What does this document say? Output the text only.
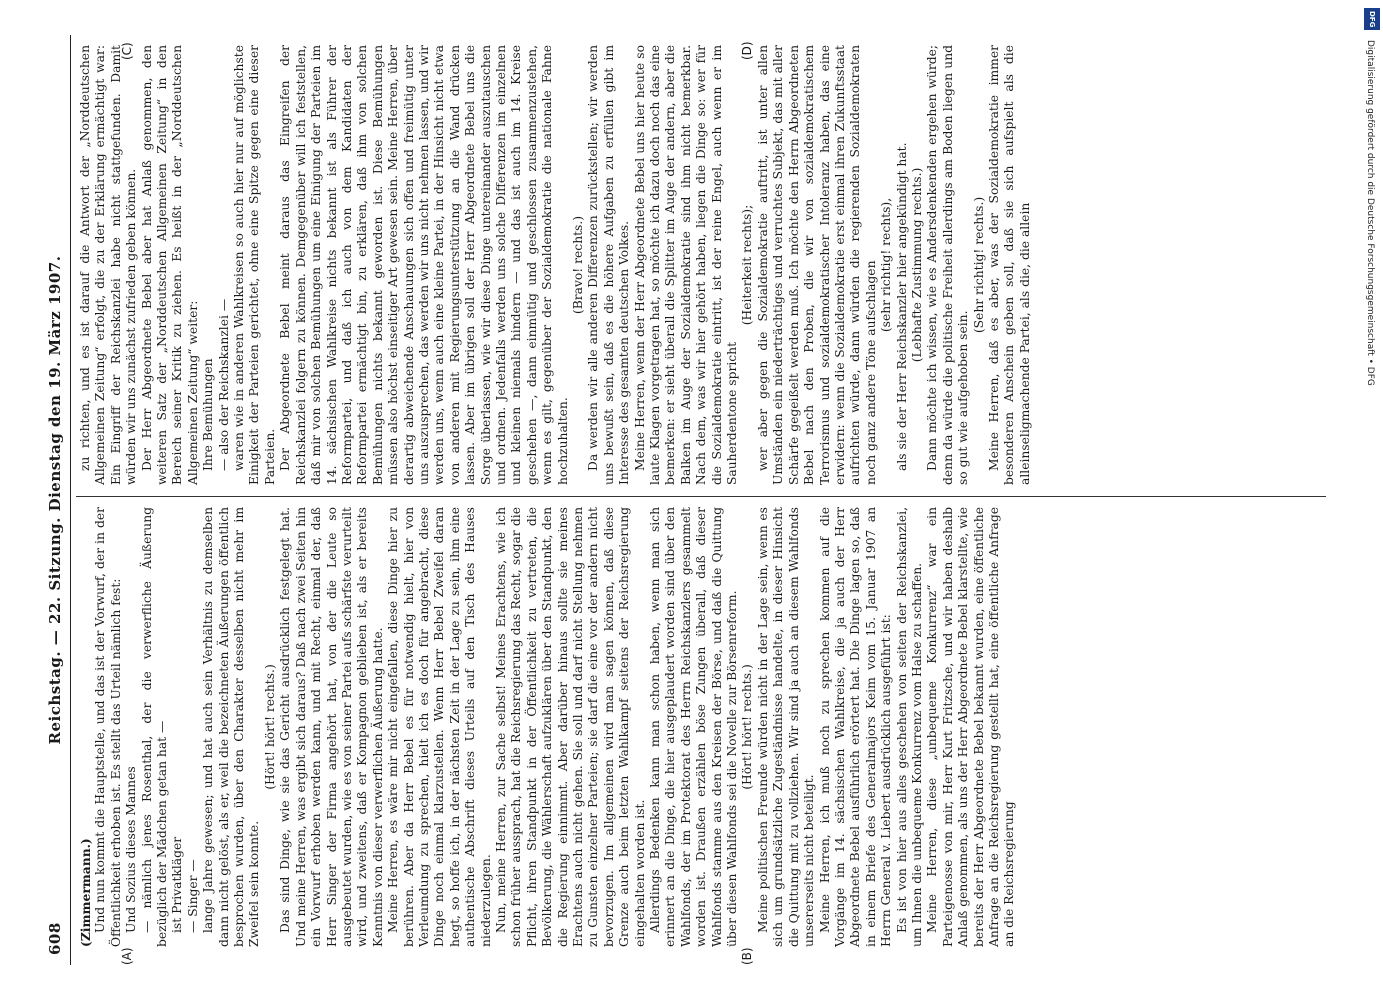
608
Reichstag. — 22. Sitzung. Dienstag den 19. März 1907.
(A)	(B)
(C)	(D)

(Zimmermann.) Und nun kommt die Hauptstelle, und das ist der Vorwurf, der in der Öffentlichkeit erhoben ist. Es stellt das Urteil nämlich fest: Und Sozius dieses Mannes — nämlich jenes Rosenthal, der die verwerfliche Äußerung bezüglich der Mädchen getan hat — ist Privatkläger — Singer — lange Jahre gewesen; und hat auch sein Verhältnis zu demselben dann nicht gelöst, als er, weil die bezeichneten Äußerungen öffentlich besprochen wurden, über den Charakter desselben nicht mehr im Zweifel sein konnte.

(Hört! hört! rechts.) Das sind Dinge, wie sie das Gericht ausdrücklich festgelegt hat. Und meine Herren, was ergibt sich daraus? Daß nach zwei Seiten hin ein Vorwurf erhoben werden kann, und mit Recht, einmal der, daß Herr Singer der Firma angehört hat, von der die Leute so ausgebeutet wurden, wie es von seiner Partei aufs schärfste verurteilt wird, und zweitens, daß er Kompagnon geblieben ist, als er bereits Kenntnis von dieser verwerflichen Äußerung hatte. Meine Herren, es wäre mir nicht eingefallen, diese Dinge hier zu berühren. Aber da Herr Bebel es für notwendig hielt, hier von Verleumdung zu sprechen, hielt ich es doch für angebracht, diese Dinge noch einmal klarzustellen. Wenn Herr Bebel Zweifel daran hegt, so hoffe ich, in der nächsten Zeit in der Lage zu sein, ihm eine authentische Abschrift dieses Urteils auf den Tisch des Hauses niederzulegen. Nun, meine Herren, zur Sache selbst! Meines Erachtens, wie ich schon früher aussprach, hat die Reichsregierung das Recht, sogar die Pflicht, ihren Standpunkt in der Öffentlichkeit zu vertreten, die Bevölkerung, die Wählerschaft aufzuklären über den Standpunkt, den die Regierung einnimmt. Aber darüber hinaus sollte sie meines Erachtens auch nicht gehen. Sie soll und darf nicht Stellung nehmen zu Gunsten einzelner Parteien; sie darf die eine vor der andern nicht bevorzugen. Im allgemeinen wird man sagen können, daß diese Grenze auch beim letzten Wahlkampf seitens der Reichsregierung eingehalten worden ist. Allerdings Bedenken kann man schon haben, wenn man sich erinnert an die Dinge, die hier ausgeplaudert worden sind über den Wahlfonds, der im Protektorat des Herrn Reichskanzlers gesammelt worden ist. Draußen erzählen böse Zungen überall, daß dieser Wahlfonds stamme aus den Kreisen der Börse, und daß die Quittung über diesen Wahlfonds sei die Novelle zur Börsenreform. (Hört! hört! rechts.) Meine politischen Freunde würden nicht in der Lage sein, wenn es sich um grundsätzliche Zugeständnisse handelte, in dieser Hinsicht die Quittung mit zu vollziehen. Wir sind ja auch an diesem Wahlfonds unsererseits nicht beteiligt. Meine Herren, ich muß noch zu sprechen kommen auf die Vorgänge im 14. sächsischen Wahlkreise, die ja auch der Herr Abgeordnete Bebel ausführlich erörtert hat. Die Dinge lagen so, daß in einem Briefe des Generalmajors Keim vom 15. Januar 1907 an Herrn General v. Liebert ausdrücklich ausgeführt ist: Es ist von hier aus alles geschehen von seiten der Reichskanzlei, um Ihnen die unbequeme Konkurrenz vom Halse zu schaffen. Meine Herren, diese „unbequeme Konkurrenz“ war ein Parteigenosse von mir, Herr Kurt Fritzsche, und wir haben deshalb Anlaß genommen, als uns der Herr Abgeordnete Bebel klarstellte, wie bereits der Herr Abgeordnete Bebel bekannt wurden, eine öffentliche Anfrage an die Reichsregierung gestellt hat, eine öffentliche Anfrage an die Reichsregierung

zu richten, und es ist darauf die Antwort der „Norddeutschen Allgemeinen Zeitung“ erfolgt, die zu der Erklärung ermächtigt war: Ein Eingriff der Reichskanzlei habe nicht stattgefunden. Damit würden wir uns zunächst zufrieden geben können. Der Herr Abgeordnete Bebel aber hat Anlaß genommen, den weiteren Satz der „Norddeutschen Allgemeinen Zeitung“ in den Bereich seiner Kritik zu ziehen. Es heißt in der „Norddeutschen Allgemeinen Zeitung“ weiter: Ihre Bemühungen — also der Reichskanzlei — waren wie in anderen Wahlkreisen so auch hier nur auf möglichste Einigkeit der Parteien gerichtet, ohne eine Spitze gegen eine dieser Parteien. Der Abgeordnete Bebel meint daraus das Eingreifen der Reichskanzlei folgern zu können. Demgegenüber will ich feststellen, daß mir von solchen Bemühungen um eine Einigung der Parteien im 14. sächsischen Wahlkreise nichts bekannt ist als Führer der Reformpartei, und daß ich auch von dem Kandidaten der Reformpartei ermächtigt bin, zu erklären, daß ihm von solchen Bemühungen nichts bekannt geworden ist. Diese Bemühungen müssen also höchst einseitiger Art gewesen sein. Meine Herren, über derartig abweichende Anschauungen sich offen und freimütig unter uns auszusprechen, das werden wir uns nicht nehmen lassen, und wir werden uns, wenn auch eine kleine Partei, in der Hinsicht nicht etwa von anderen mit Regierungsunterstützung an die Wand drücken lassen. Aber im übrigen soll der Herr Abgeordnete Bebel uns die Sorge überlassen, wie wir diese Dinge untereinander auszutauschen und ordnen. Jedenfalls werden uns solche Differenzen im einzelnen und kleinen niemals hindern — und das ist auch im 14. Kreise geschehen —, dann einmütig und geschlossen zusammenzustehen, wenn es gilt, gegenüber der Sozialdemokratie die nationale Fahne hochzuhalten.

(Bravo! rechts.) Da werden wir alle anderen Differenzen zurückstellen; wir werden uns bewußt sein, daß es die höhere Aufgaben zu erfüllen gibt im Interesse des gesamten deutschen Volkes. Meine Herren, wenn der Herr Abgeordnete Bebel uns hier heute so laute Klagen vorgetragen hat, so möchte ich dazu doch noch das eine bemerken: er sieht überall die Splitter im Auge der andern, aber die Balken im Auge der Sozialdemokratie sind ihm nicht bemerkbar. Nach dem, was wir hier gehört haben, liegen die Dinge so: wer für die Sozialdemokratie eintritt, ist der reine Engel, auch wenn er im Sauherdentone spricht

(Heiterkeit rechts); wer aber gegen die Sozialdemokratie auftritt, ist unter allen Umständen ein niederträchtiges und verruchtes Subjekt, das mit aller Schärfe gegeißelt werden muß. Ich möchte den Herrn Abgeordneten Bebel nach den Proben, die wir von sozialdemokratischem Terrorismus und sozialdemokratischer Intoleranz haben, das eine erwidern: wenn die Sozialdemokratie erst einmal ihren Zukunftsstaat aufrichten würde, dann würden die regierenden Sozialdemokraten noch ganz andere Töne aufschlagen (sehr richtig! rechts), als sie der Herr Reichskanzler hier angekündigt hat. (Lebhafte Zustimmung rechts.) Dann möchte ich wissen, wie es Andersdenkenden ergehen würde; denn da würde die politische Freiheit allerdings am Boden liegen und so gut wie aufgehoben sein.

(Sehr richtig! rechts.) Meine Herren, daß es aber, was der Sozialdemokratie immer besonderen Anschein geben soll, daß sie sich aufspielt als die alleinseligmachende Partei, als die, die allein

DFG
Digitalisierung gefördert durch die Deutsche Forschungsgemeinschaft • DFG
